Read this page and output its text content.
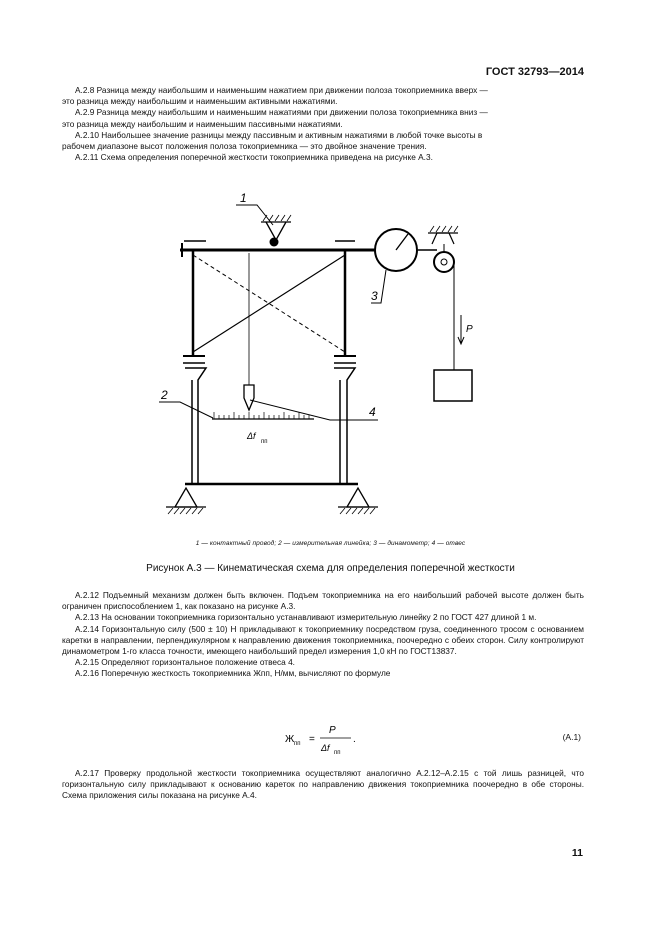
ГОСТ 32793—2014
А.2.8 Разница между наибольшим и наименьшим нажатием при движении полоза токоприемника вверх —
это разница между наибольшим и наименьшим активными нажатиями.
А.2.9 Разница между наибольшим и наименьшим нажатиями при движении полоза токоприемника вниз —
это разница между наибольшим и наименьшим пассивными нажатиями.
А.2.10 Наибольшее значение разницы между пассивным и активным нажатиями в любой точке высоты в
рабочем диапазоне высот положения полоза токоприемника — это двойное значение трения.
А.2.11 Схема определения поперечной жесткости токоприемника приведена на рисунке А.3.
1
2
3
4
P
Δf
пп
1 — контактный провод; 2 — измерительная линейка; 3 — динамометр; 4 — отвес
Рисунок А.3 — Кинематическая схема для определения поперечной жесткости

А.2.12 Подъемный механизм должен быть включен. Подъем токоприемника на его наибольший рабочей высоте должен быть ограничен приспособлением 1, как показано на рисунке А.3.

А.2.13 На основании токоприемника горизонтально устанавливают измерительную линейку 2 по ГОСТ 427 длиной 1 м.

А.2.14 Горизонтальную силу (500 ± 10) Н прикладывают к токоприемнику посредством груза, соединенного тросом с основанием каретки в направлении, перпендикулярном к направлению движения токоприемника, поочередно с обеих сторон. Силу контролируют динамометром 1-го класса точности, имеющего наибольший предел измерения 1,0 кН по ГОСТ13837.

А.2.15 Определяют горизонтальное положение отвеса 4.

А.2.16 Поперечную жесткость токоприемника Жпп, Н/мм, вычисляют по формуле

Ж пп =
P
Δf пп
.	(А.1)

А.2.17 Проверку продольной жесткости токоприемника осуществляют аналогично А.2.12–А.2.15 с той лишь разницей, что горизонтальную силу прикладывают к основанию кареток по направлению движения токоприемника поочередно в обе стороны. Схема приложения силы показана на рисунке А.4.

11
